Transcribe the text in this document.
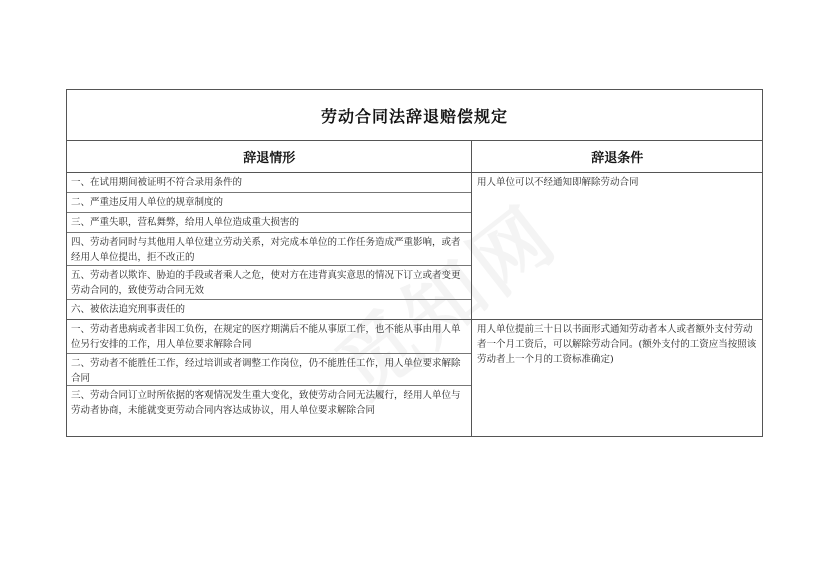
劳动合同法辞退赔偿规定
辞退情形	辞退条件
一、在试用期间被证明不符合录用条件的
二、严重违反用人单位的规章制度的
三、严重失职，营私舞弊，给用人单位造成重大损害的
四、劳动者同时与其他用人单位建立劳动关系，对完成本单位的工作任务造成严重影响，或者经用人单位提出，拒不改正的
五、劳动者以欺诈、胁迫的手段或者乘人之危，使对方在违背真实意思的情况下订立或者变更劳动合同的，致使劳动合同无效
六、被依法追究刑事责任的
用人单位可以不经通知即解除劳动合同
一、劳动者患病或者非因工负伤，在规定的医疗期满后不能从事原工作，也不能从事由用人单位另行安排的工作，用人单位要求解除合同
二、劳动者不能胜任工作，经过培训或者调整工作岗位，仍不能胜任工作，用人单位要求解除合同
三、劳动合同订立时所依据的客观情况发生重大变化，致使劳动合同无法履行，经用人单位与劳动者协商，未能就变更劳动合同内容达成协议，用人单位要求解除合同
用人单位提前三十日以书面形式通知劳动者本人或者额外支付劳动者一个月工资后，可以解除劳动合同。(额外支付的工资应当按照该劳动者上一个月的工资标准确定)
